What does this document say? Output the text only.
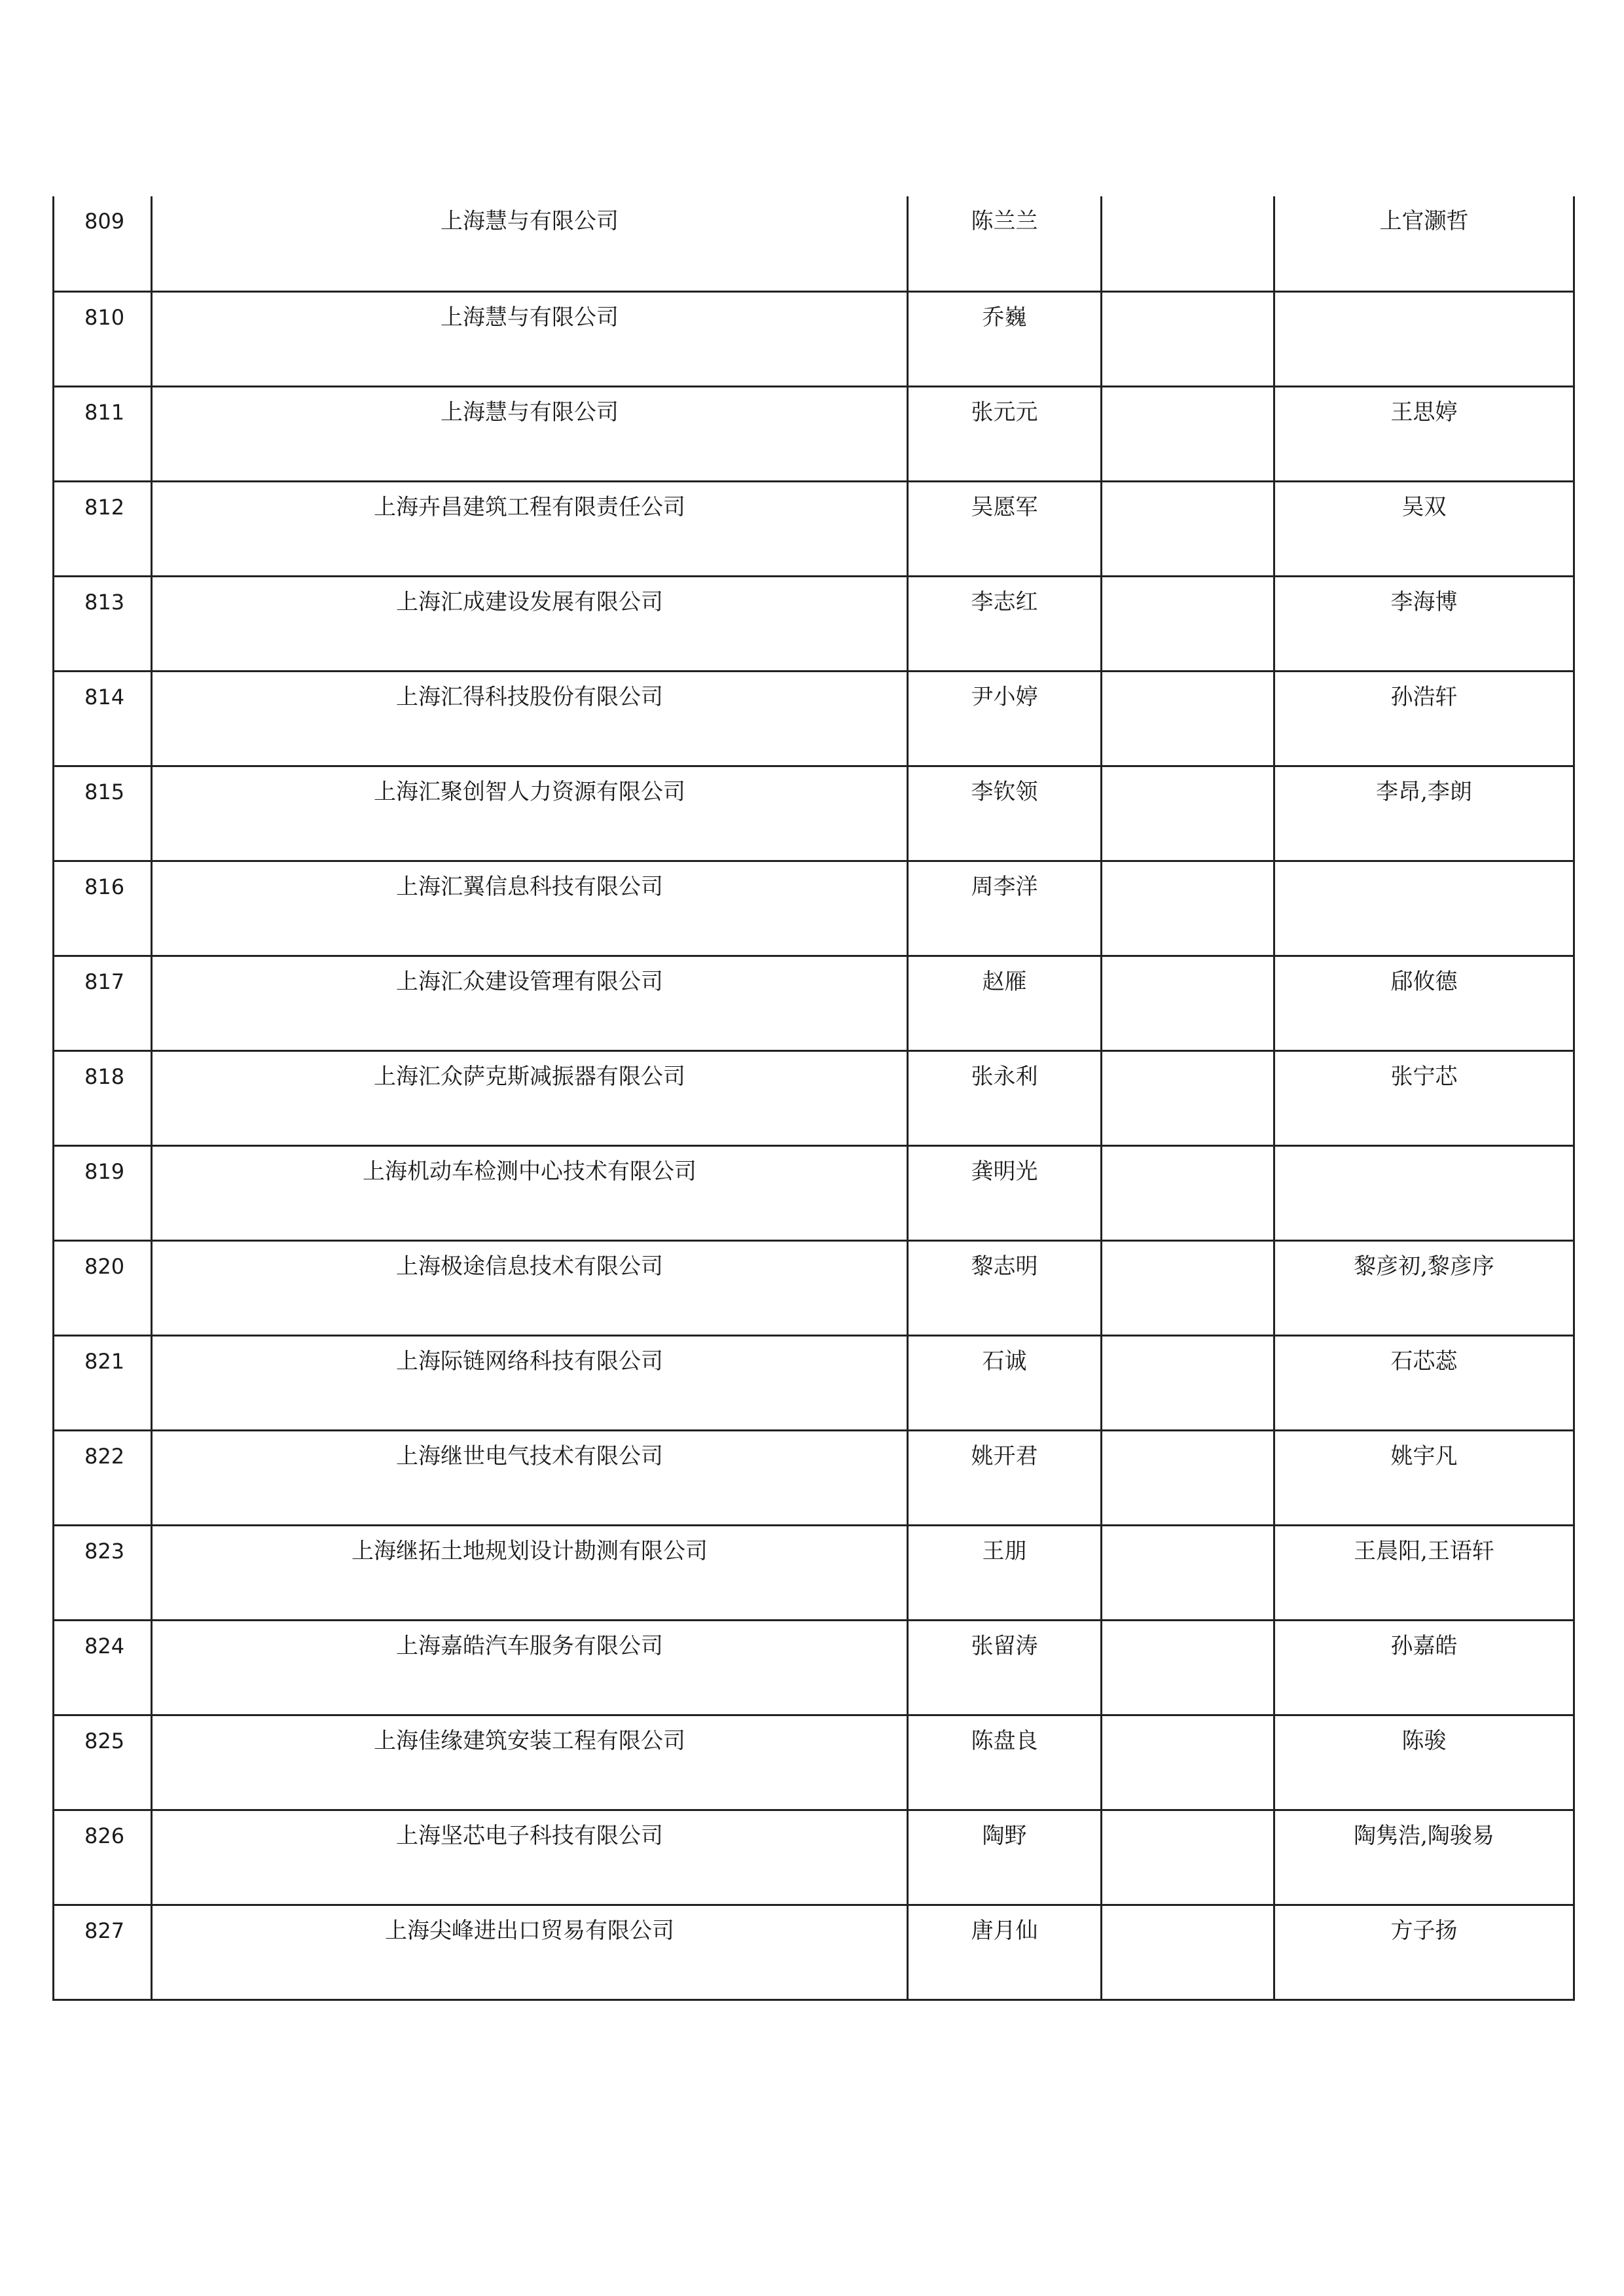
809	上海慧与有限公司	陈兰兰		上官灏哲
810	上海慧与有限公司	乔巍		
811	上海慧与有限公司	张元元		王思婷
812	上海卉昌建筑工程有限责任公司	吴愿军		吴双
813	上海汇成建设发展有限公司	李志红		李海博
814	上海汇得科技股份有限公司	尹小婷		孙浩轩
815	上海汇聚创智人力资源有限公司	李钦领		李昂,李朗
816	上海汇翼信息科技有限公司	周李洋		
817	上海汇众建设管理有限公司	赵雁		郈攸德
818	上海汇众萨克斯减振器有限公司	张永利		张宁芯
819	上海机动车检测中心技术有限公司	龚明光		
820	上海极途信息技术有限公司	黎志明		黎彦初,黎彦序
821	上海际链网络科技有限公司	石诚		石芯蕊
822	上海继世电气技术有限公司	姚开君		姚宇凡
823	上海继拓土地规划设计勘测有限公司	王朋		王晨阳,王语轩
824	上海嘉皓汽车服务有限公司	张留涛		孙嘉皓
825	上海佳缘建筑安装工程有限公司	陈盘良		陈骏
826	上海坚芯电子科技有限公司	陶野		陶隽浩,陶骏易
827	上海尖峰进出口贸易有限公司	唐月仙		方子扬
